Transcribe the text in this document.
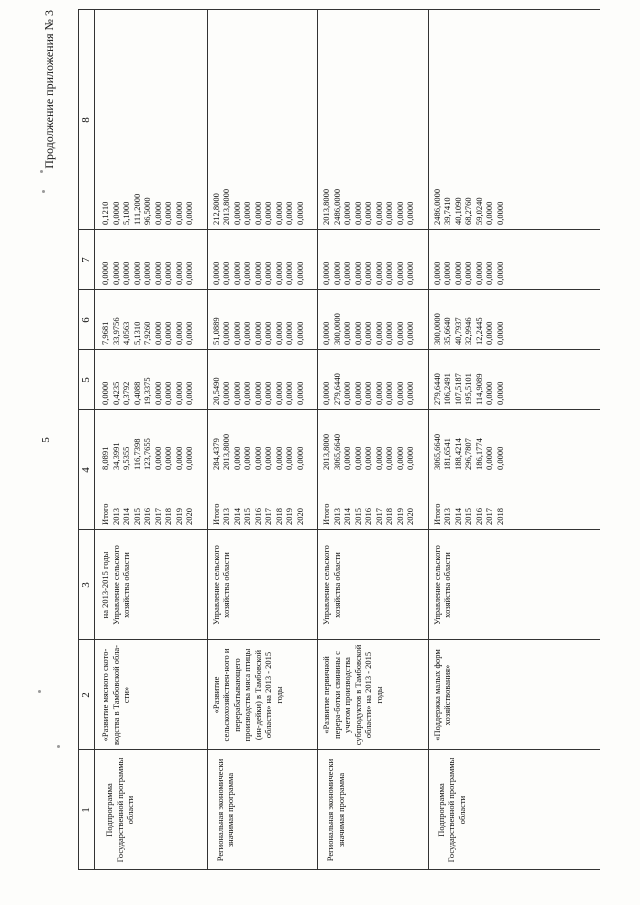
5
Продолжение приложения № 3
1
2
3
4
5
6
7
8
Подпрограмма Государственной программы области
«Развитие мясного ското-водства в Тамбовской обла-сти»
на 2013-2015 годы Управление сельского хозяйства области
Итого 2013 2014 2015 2016 2017 2018 2019 2020
8,0891 34,3991 9,5355 116,7398 123,7655 0,0000 0,0000 0,0000 0,0000
0,0000 0,4235 0,3792 0,4088 19,3375 0,0000 0,0000 0,0000 0,0000
7,9681 33,9756 4,0563 5,1310 7,9260 0,0000 0,0000 0,0000 0,0000
0,0000 0,0000 0,0000 0,0000 0,0000 0,0000 0,0000 0,0000 0,0000
0,1210 0,0000 5,1000 111,2000 96,5000 0,0000 0,0000 0,0000 0,0000
Региональная экономически значимая программа
«Развитие сельскохозяйствен-ного и перерабатывающего производства мяса птицы (ин-дейки) в Тамбовской области» на 2013 - 2015 годы
Управление сельского хозяйства области
Итого 2013 2014 2015 2016 2017 2018 2019 2020
284,4379 2013,8000 0,0000 0,0000 0,0000 0,0000 0,0000 0,0000 0,0000
20,5490 0,0000 0,0000 0,0000 0,0000 0,0000 0,0000 0,0000 0,0000
51,0889 0,0000 0,0000 0,0000 0,0000 0,0000 0,0000 0,0000 0,0000
0,0000 0,0000 0,0000 0,0000 0,0000 0,0000 0,0000 0,0000 0,0000
212,8000 2013,8000 0,0000 0,0000 0,0000 0,0000 0,0000 0,0000 0,0000
Региональная экономически значимая программа
«Развитие первичной перера-ботки свинины с учетом производства субпродуктов в Тамбовской области» на 2013 - 2015 годы
Управление сельского хозяйства области
Итого 2013 2014 2015 2016 2017 2018 2019 2020
2013,8000 3065,6640 0,0000 0,0000 0,0000 0,0000 0,0000 0,0000 0,0000
0,0000 279,6440 0,0000 0,0000 0,0000 0,0000 0,0000 0,0000 0,0000
0,0000 300,0000 0,0000 0,0000 0,0000 0,0000 0,0000 0,0000 0,0000
0,0000 0,0000 0,0000 0,0000 0,0000 0,0000 0,0000 0,0000 0,0000
2013,8000 2486,0000 0,0000 0,0000 0,0000 0,0000 0,0000 0,0000 0,0000
Подпрограмма Государственной программы области
«Поддержка малых форм хозяйствования»
Управление сельского хозяйства области
Итого 2013 2014 2015 2016 2017 2018
3065,6640 181,6541 188,4214 296,7807 186,1774 0,0000 0,0000
279,6440 106,2491 107,5187 195,5101 114,9089 0,0000 0,0000
300,0000 35,6640 40,7937 32,9946 12,2445 0,0000 0,0000
0,0000 0,0000 0,0000 0,0000 0,0000 0,0000 0,0000
2486,0000 39,7410 40,1090 68,2760 59,0240 0,0000 0,0000
